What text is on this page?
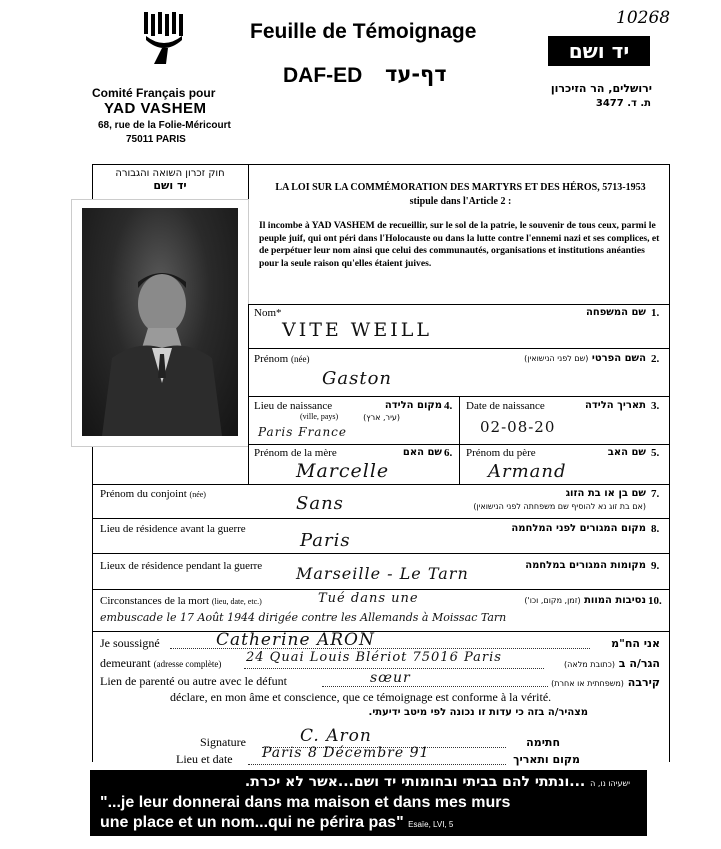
Comité Français pour
YAD VASHEM
68, rue de la Folie-Méricourt
75011 PARIS
Feuille de Témoignage
DAF-ED דף-עד
10268
יד ושם
ירושלים, הר הזיכרון
ת. ד. 3477
חוק זכרון השואה והגבורה
יד ושם	LA LOI SUR LA COMMÉMORATION DES MARTYRS ET DES HÉROS, 5713-1953
stipule dans l'Article 2 :
Il incombe à YAD VASHEM de recueillir, sur le sol de la patrie, le souvenir de tous ceux, parmi le peuple juif, qui ont péri dans l'Holocauste ou dans la lutte contre l'ennemi nazi et ses complices, et de perpétuer leur nom ainsi que celui des communautés, organisations et institutions anéanties pour la seule raison qu'elles étaient juives.
Nom*	שם המשפחה 1.
VITE WEILL
Prénom (née)	השם הפרטי (שם לפני הנישואין)	2.
Gaston
Lieu de naissance
(ville, pays)
מקום הלידה
(עיר, ארץ)
4.
Paris France
Date de naissance	תאריך הלידה 3.
02-08-20
Prénom de la mère	שם האם 6.
Marcelle
Prénom du père	שם האב 5.
Armand
Prénom du conjoint (née)	שם בן או בת הזוג
(אם בת זוג נא להוסיף שם משפחתה לפני הנישואין)
7.
Sans
Lieu de résidence avant la guerre	מקום המגורים לפני המלחמה 8.
Paris
Lieux de résidence pendant la guerre	מקומות המגורים במלחמה 9.
Marseille - Le Tarn
Circonstances de la mort (lieu, date, etc.)	נסיבות המוות (זמן, מקום, וכו')	10.
Tué dans une
embuscade le 17 Août 1944 dirigée contre les Allemands à Moissac Tarn
Je soussigné	Catherine ARON	אני הח"מ
demeurant (adresse complète) 24 Quai Louis Blériot 75016 Paris	הגר/ה ב (כתובת מלאה)
Lien de parenté ou autre avec le défunt	sœur	קירבה (משפחתית או אחרת)
déclare, en mon âme et conscience, que ce témoignage est conforme à la vérité.
מצהיר/ה בזה כי עדות זו נכונה לפי מיטב ידיעתי.
Signature	C. Aron	חתימה
Lieu et date Paris 8 Décembre 91	מקום ותאריך
ישעיהו נו, ה ...ונתתי להם בביתי ובחומותי יד ושם...אשר לא יכרת.
"...je leur donnerai dans ma maison et dans mes murs
une place et un nom...qui ne périra pas" Esaïe, LVI, 5
